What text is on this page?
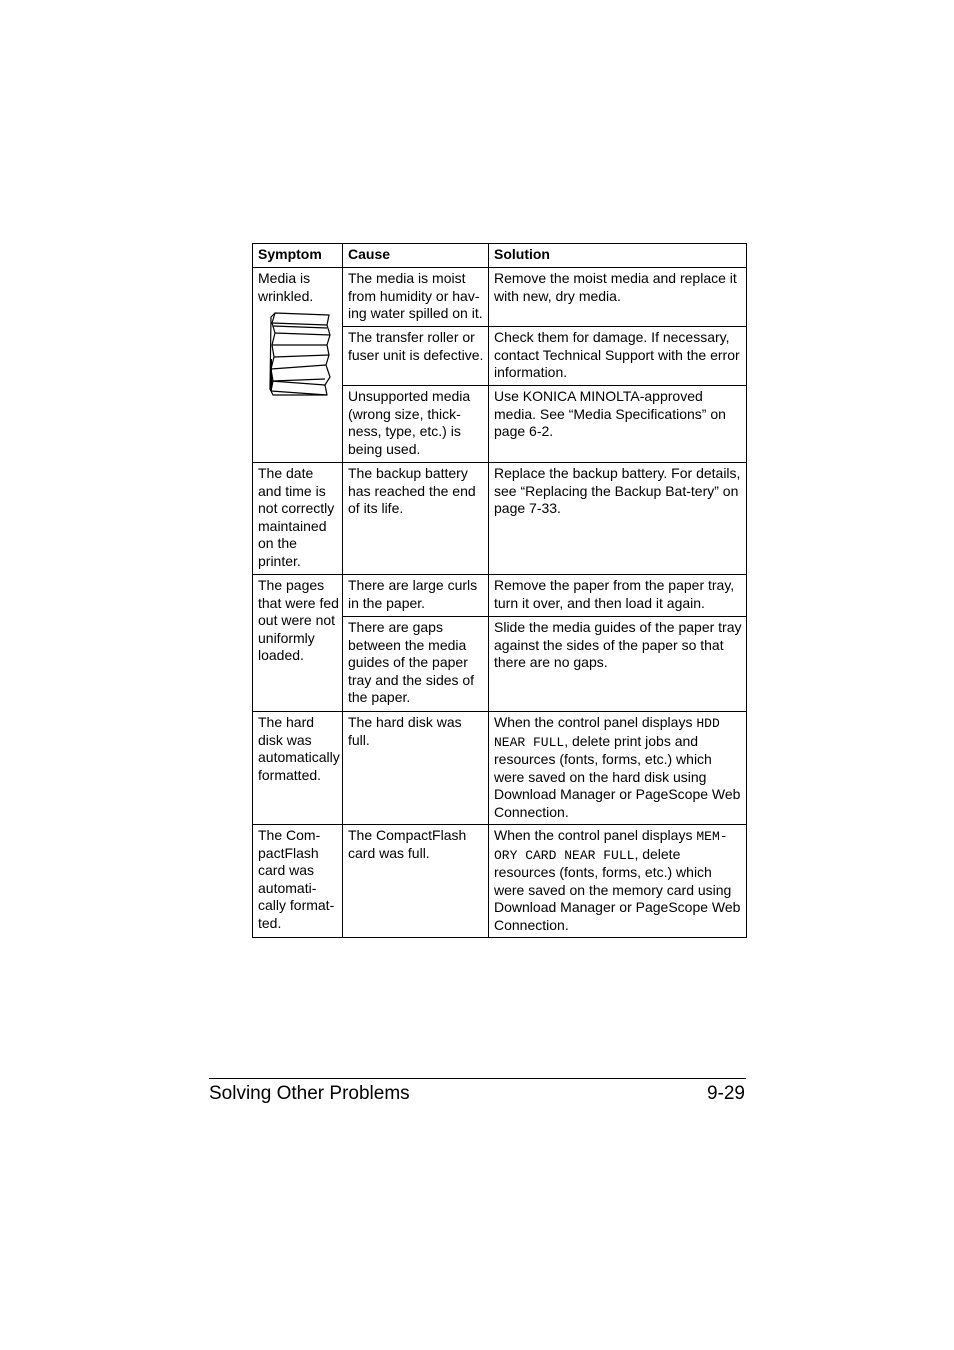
Symptom	Cause	Solution
Media is wrinkled.	The media is moist from humidity or hav-ing water spilled on it.	Remove the moist media and replace it with new, dry media.
	The transfer roller or fuser unit is defective.	Check them for damage. If necessary, contact Technical Support with the error information.
	Unsupported media (wrong size, thick-ness, type, etc.) is being used.	Use KONICA MINOLTA-approved media. See “Media Specifications” on page 6-2.
The date and time is not correctly maintained on the printer.	The backup battery has reached the end of its life.	Replace the backup battery. For details, see “Replacing the Backup Bat-tery” on page 7-33.
The pages that were fed out were not uniformly loaded.	There are large curls in the paper.	Remove the paper from the paper tray, turn it over, and then load it again.
	There are gaps between the media guides of the paper tray and the sides of the paper.	Slide the media guides of the paper tray against the sides of the paper so that there are no gaps.
The hard disk was automatically formatted.	The hard disk was full.	When the control panel displays HDD NEAR FULL, delete print jobs and resources (fonts, forms, etc.) which were saved on the hard disk using Download Manager or PageScope Web Connection.
The Com-pactFlash card was automati-cally format-ted.	The CompactFlash card was full.	When the control panel displays MEM-ORY CARD NEAR FULL, delete resources (fonts, forms, etc.) which were saved on the memory card using Download Manager or PageScope Web Connection.
Solving Other Problems	9-29
